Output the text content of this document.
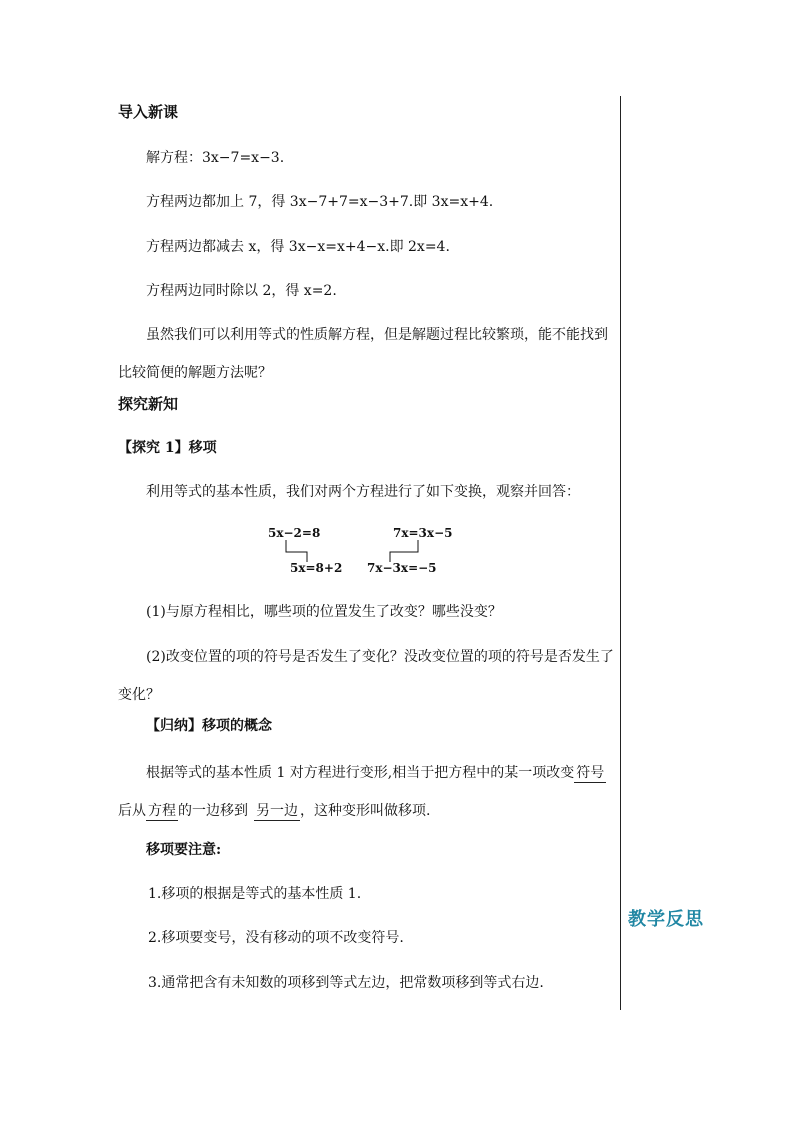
导入新课
解方程：3x−7=x−3.
方程两边都加上 7，得 3x−7+7=x−3+7.即 3x=x+4.
方程两边都减去 x，得 3x−x=x+4−x.即 2x=4.
方程两边同时除以 2，得 x=2.
虽然我们可以利用等式的性质解方程，但是解题过程比较繁琐，能不能找到比较简便的解题方法呢？
探究新知
【探究 1】移项
利用等式的基本性质，我们对两个方程进行了如下变换，观察并回答：
5x−2=8
5x=8+2
7x=3x−5
7x−3x=−5
(1)与原方程相比，哪些项的位置发生了改变？哪些没变？
(2)改变位置的项的符号是否发生了变化？没改变位置的项的符号是否发生了变化？
【归纳】移项的概念
根据等式的基本性质 1 对方程进行变形,相当于把方程中的某一项改变 符号后从 方程 的一边移到 另一边 ，这种变形叫做移项.
移项要注意:
1.移项的根据是等式的基本性质 1.
2.移项要变号，没有移动的项不改变符号.
3.通常把含有未知数的项移到等式左边，把常数项移到等式右边.
教学反思
